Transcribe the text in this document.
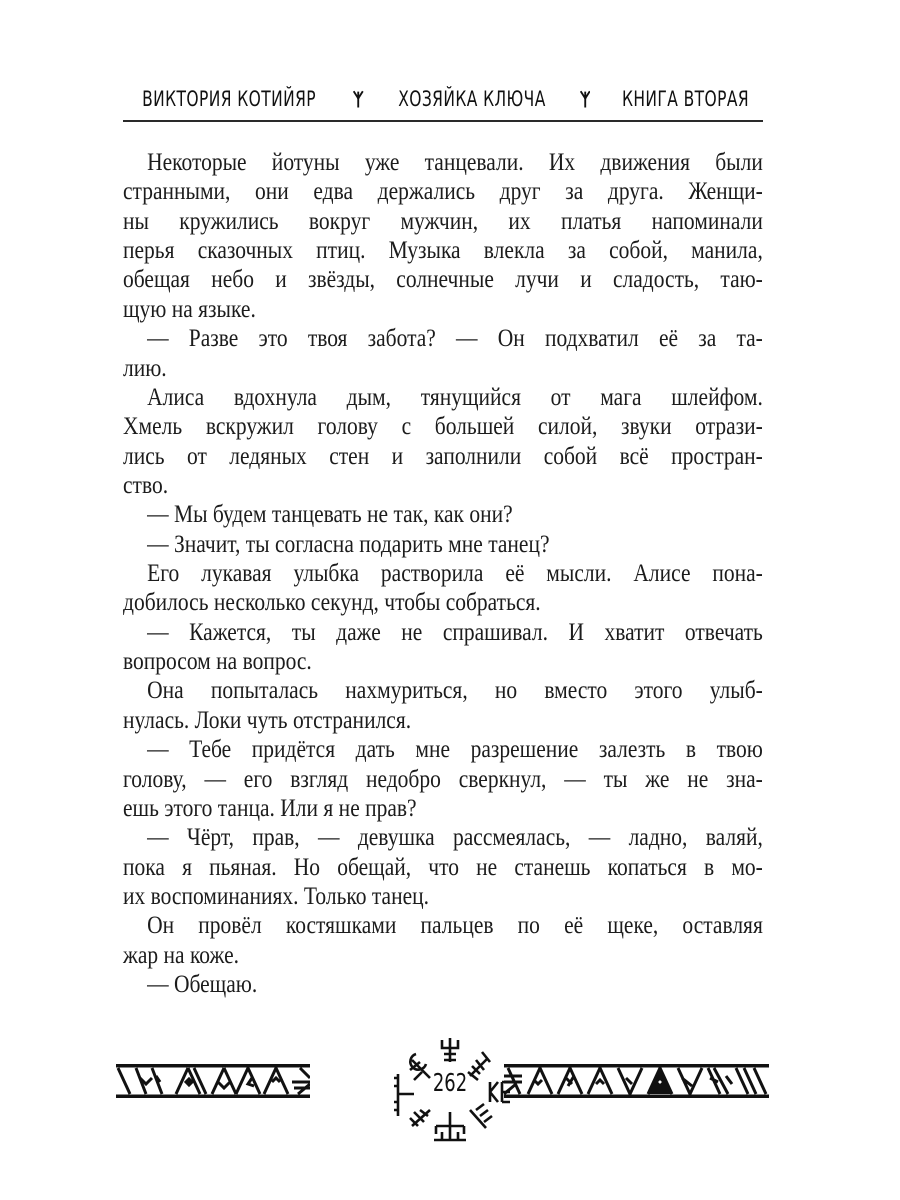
ВИКТОРИЯ КОТИЙЯР	ХОЗЯЙКА КЛЮЧА	КНИГА ВТОРАЯ
Некоторые йотуны уже танцевали. Их движения были
странными, они едва держались друг за друга. Женщи-
ны кружились вокруг мужчин, их платья напоминали
перья сказочных птиц. Музыка влекла за собой, манила,
обещая небо и звёзды, солнечные лучи и сладость, таю-
щую на языке.
— Разве это твоя забота? — Он подхватил её за та-
лию.
Алиса вдохнула дым, тянущийся от мага шлейфом.
Хмель вскружил голову с большей силой, звуки отрази-
лись от ледяных стен и заполнили собой всё простран-
ство.
— Мы будем танцевать не так, как они?
— Значит, ты согласна подарить мне танец?
Его лукавая улыбка растворила её мысли. Алисе пона-
добилось несколько секунд, чтобы собраться.
— Кажется, ты даже не спрашивал. И хватит отвечать
вопросом на вопрос.
Она попыталась нахмуриться, но вместо этого улыб-
нулась. Локи чуть отстранился.
— Тебе придётся дать мне разрешение залезть в твою
голову, — его взгляд недобро сверкнул, — ты же не зна-
ешь этого танца. Или я не прав?
— Чёрт, прав, — девушка рассмеялась, — ладно, валяй,
пока я пьяная. Но обещай, что не станешь копаться в мо-
их воспоминаниях. Только танец.
Он провёл костяшками пальцев по её щеке, оставляя
жар на коже.
— Обещаю.
262
